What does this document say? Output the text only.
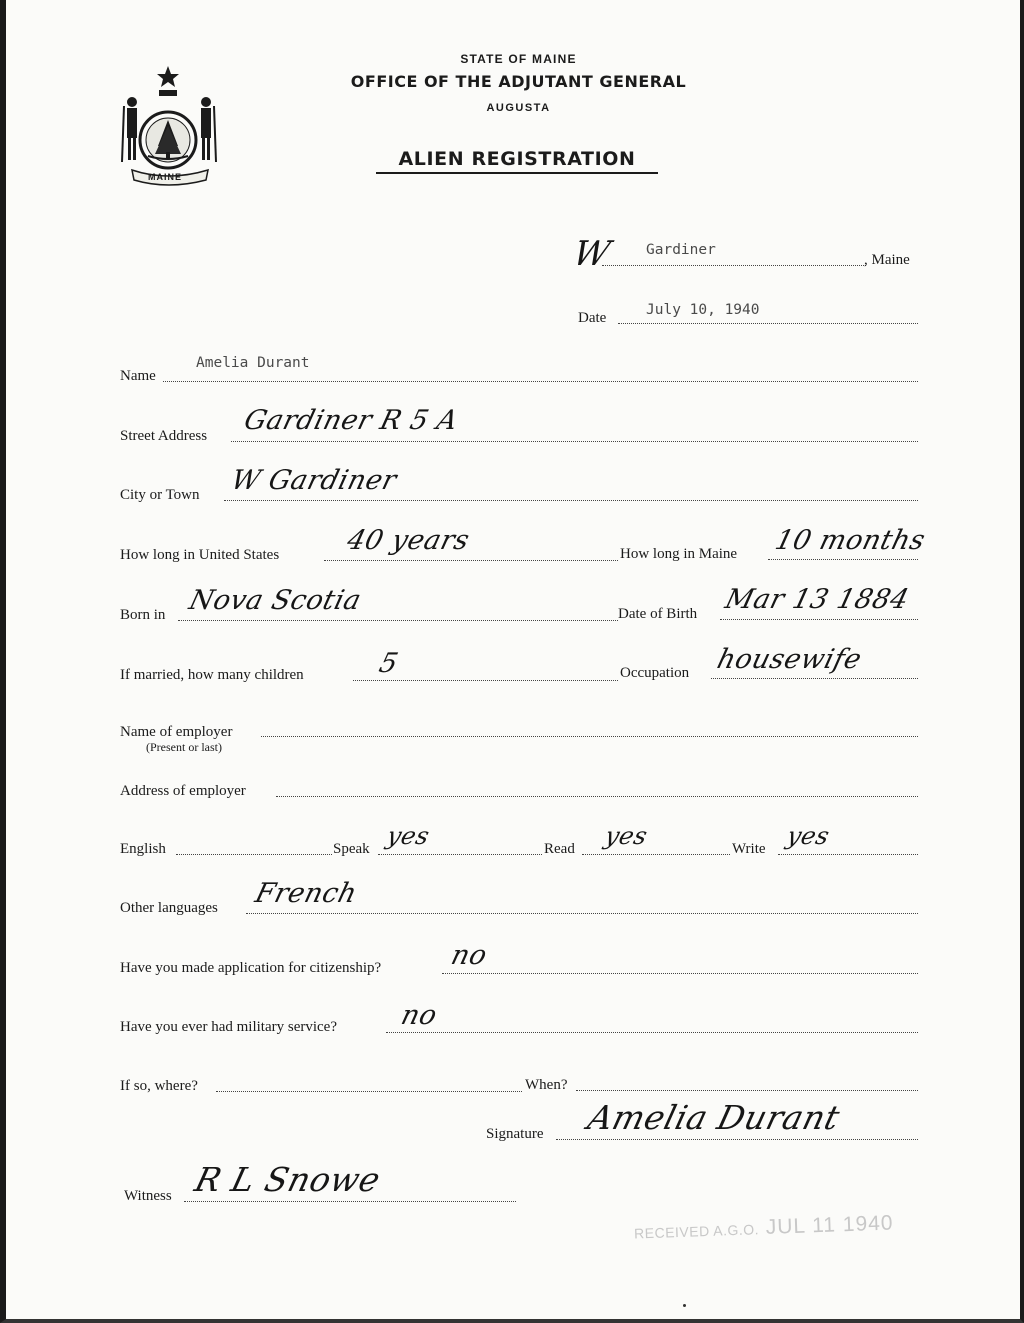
MAINE
STATE OF MAINE
OFFICE OF THE ADJUTANT GENERAL
AUGUSTA
ALIEN REGISTRATION
W Gardiner
, Maine
Date	July 10, 1940
Name
Amelia Durant
Street Address Gardiner R 5 A
City or Town W Gardiner
How long in United States 40 years	How long in Maine 10 months
Born in Nova Scotia	Date of Birth Mar 13 1884
If married, how many children	5	Occupation housewife
Name of employer
(Present or last)
Address of employer
English	Speak yes	Read yes	Write yes
Other languages French
Have you made application for citizenship? no
Have you ever had military service? no
If so, where?	When?
Signature Amelia Durant
Witness R L Snowe
RECEIVED A.G.O. JUL 11 1940
